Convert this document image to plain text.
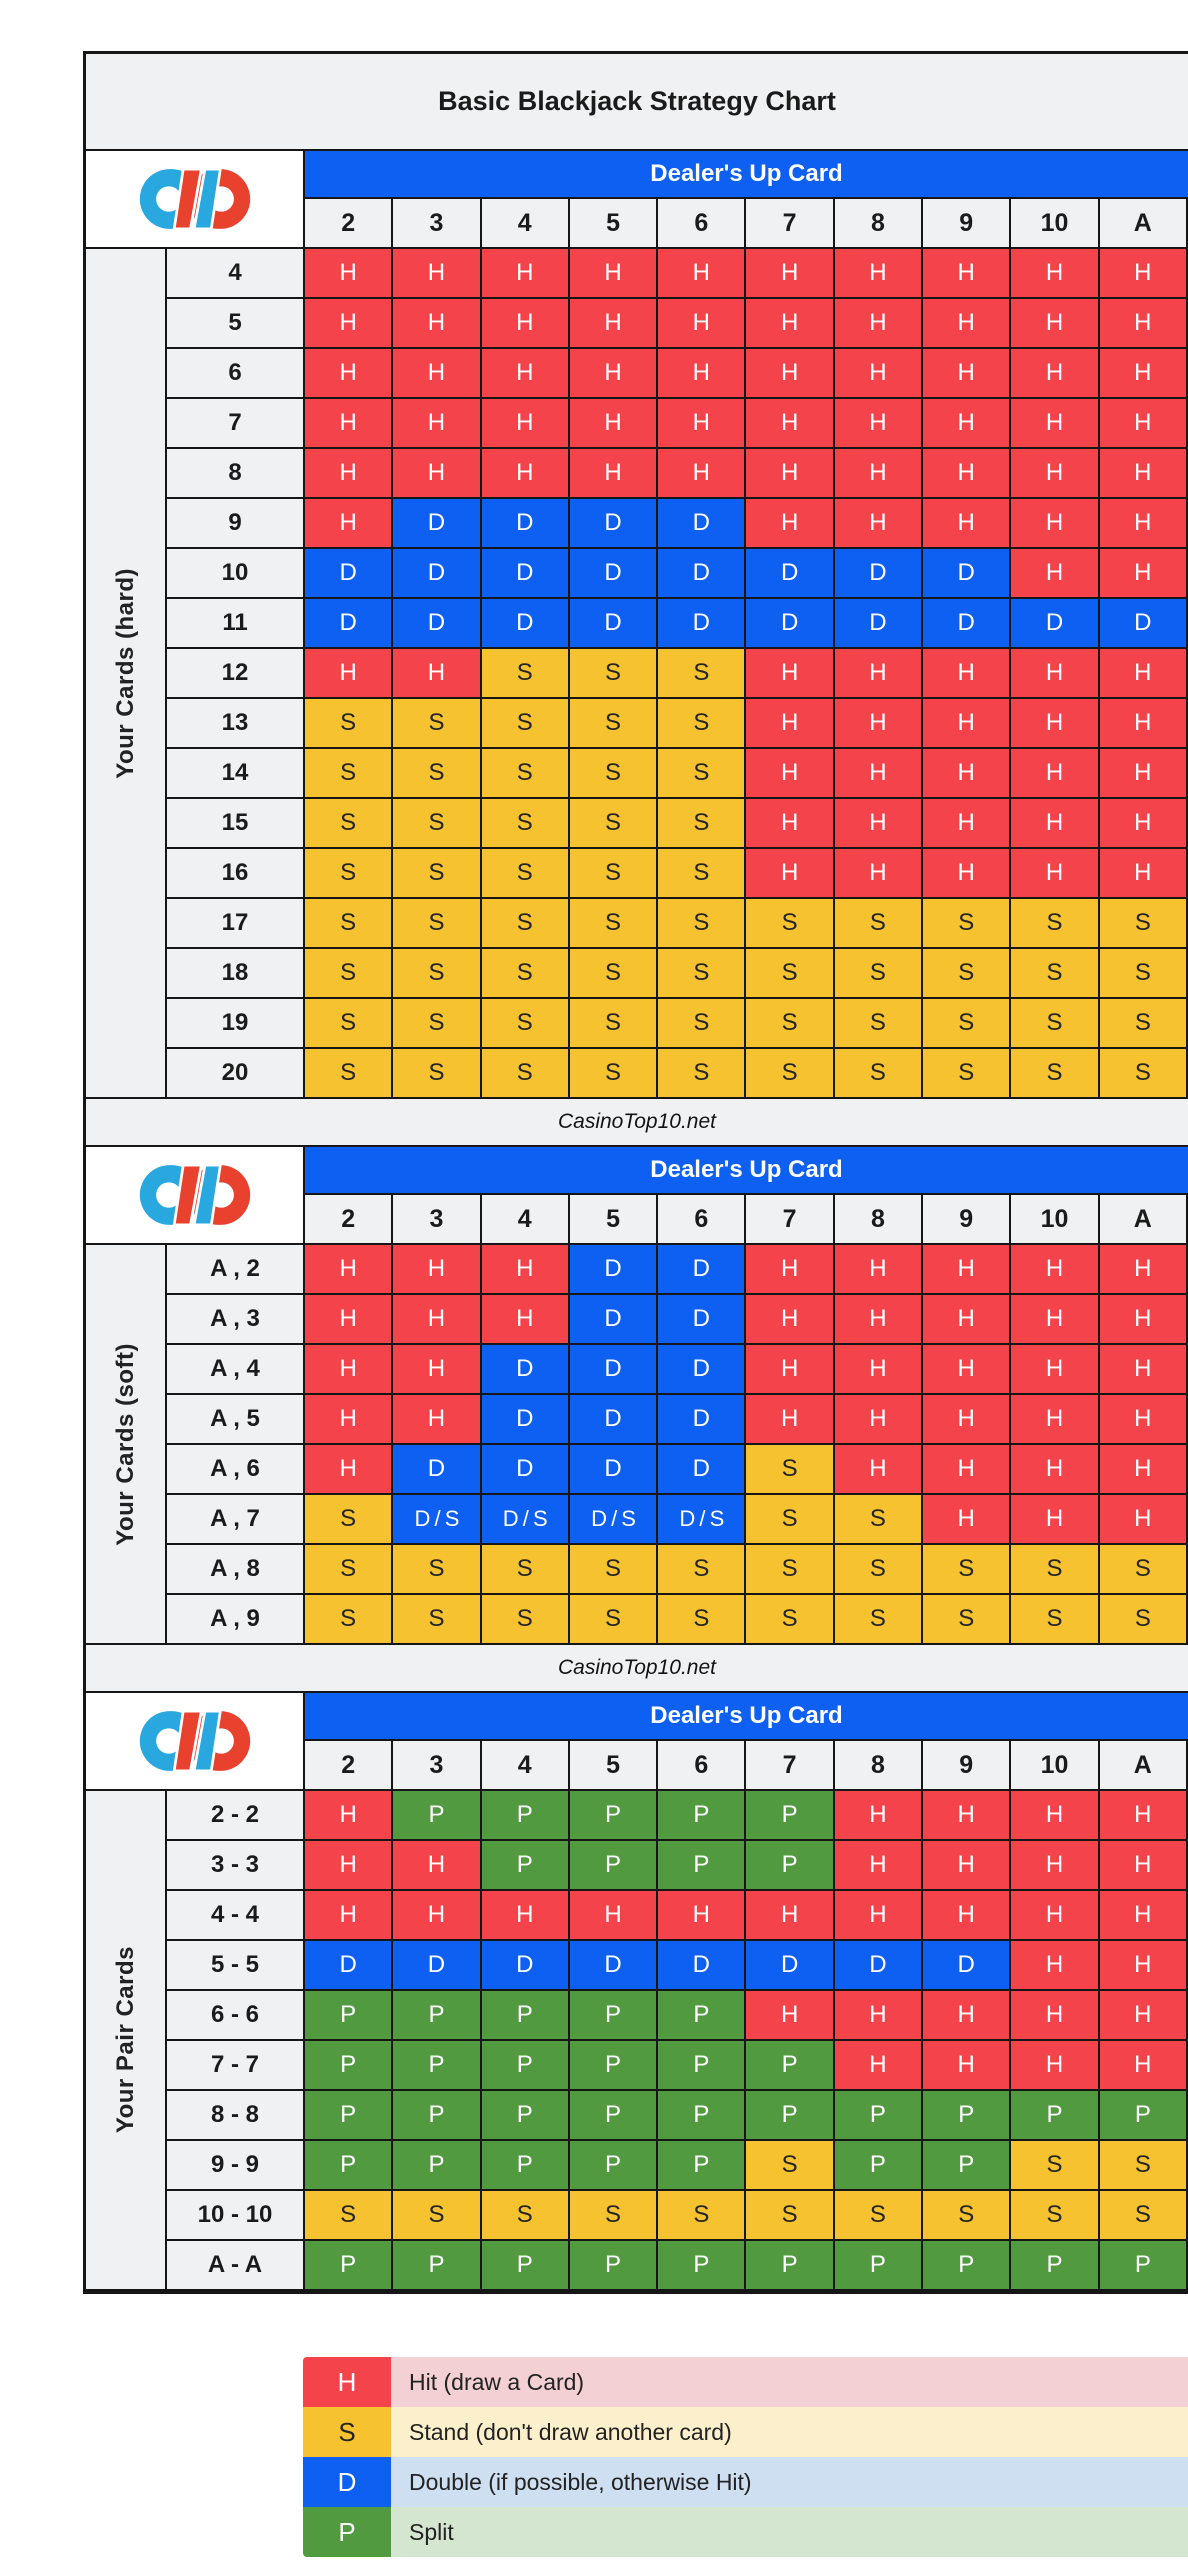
Basic Blackjack Strategy Chart
Dealer's Up Card
2	3	4	5	6	7	8	9	10	A
Your Cards (hard)
4	H	H	H	H	H	H	H	H	H	H
5	H	H	H	H	H	H	H	H	H	H
6	H	H	H	H	H	H	H	H	H	H
7	H	H	H	H	H	H	H	H	H	H
8	H	H	H	H	H	H	H	H	H	H
9	H	D	D	D	D	H	H	H	H	H
10	D	D	D	D	D	D	D	D	H	H
11	D	D	D	D	D	D	D	D	D	D
12	H	H	S	S	S	H	H	H	H	H
13	S	S	S	S	S	H	H	H	H	H
14	S	S	S	S	S	H	H	H	H	H
15	S	S	S	S	S	H	H	H	H	H
16	S	S	S	S	S	H	H	H	H	H
17	S	S	S	S	S	S	S	S	S	S
18	S	S	S	S	S	S	S	S	S	S
19	S	S	S	S	S	S	S	S	S	S
20	S	S	S	S	S	S	S	S	S	S
CasinoTop10.net
Dealer's Up Card
2	3	4	5	6	7	8	9	10	A
Your Cards (soft)
A , 2	H	H	H	D	D	H	H	H	H	H
A , 3	H	H	H	D	D	H	H	H	H	H
A , 4	H	H	D	D	D	H	H	H	H	H
A , 5	H	H	D	D	D	H	H	H	H	H
A , 6	H	D	D	D	D	S	H	H	H	H
A , 7	S	D / S	D / S	D / S	D / S	S	S	H	H	H
A , 8	S	S	S	S	S	S	S	S	S	S
A , 9	S	S	S	S	S	S	S	S	S	S
CasinoTop10.net
Dealer's Up Card
2	3	4	5	6	7	8	9	10	A
Your Pair Cards
2 - 2	H	P	P	P	P	P	H	H	H	H
3 - 3	H	H	P	P	P	P	H	H	H	H
4 - 4	H	H	H	H	H	H	H	H	H	H
5 - 5	D	D	D	D	D	D	D	D	H	H
6 - 6	P	P	P	P	P	H	H	H	H	H
7 - 7	P	P	P	P	P	P	H	H	H	H
8 - 8	P	P	P	P	P	P	P	P	P	P
9 - 9	P	P	P	P	P	S	P	P	S	S
10 - 10	S	S	S	S	S	S	S	S	S	S
A - A	P	P	P	P	P	P	P	P	P	P
H	Hit (draw a Card)
S	Stand (don't draw another card)
D	Double (if possible, otherwise Hit)
P	Split
